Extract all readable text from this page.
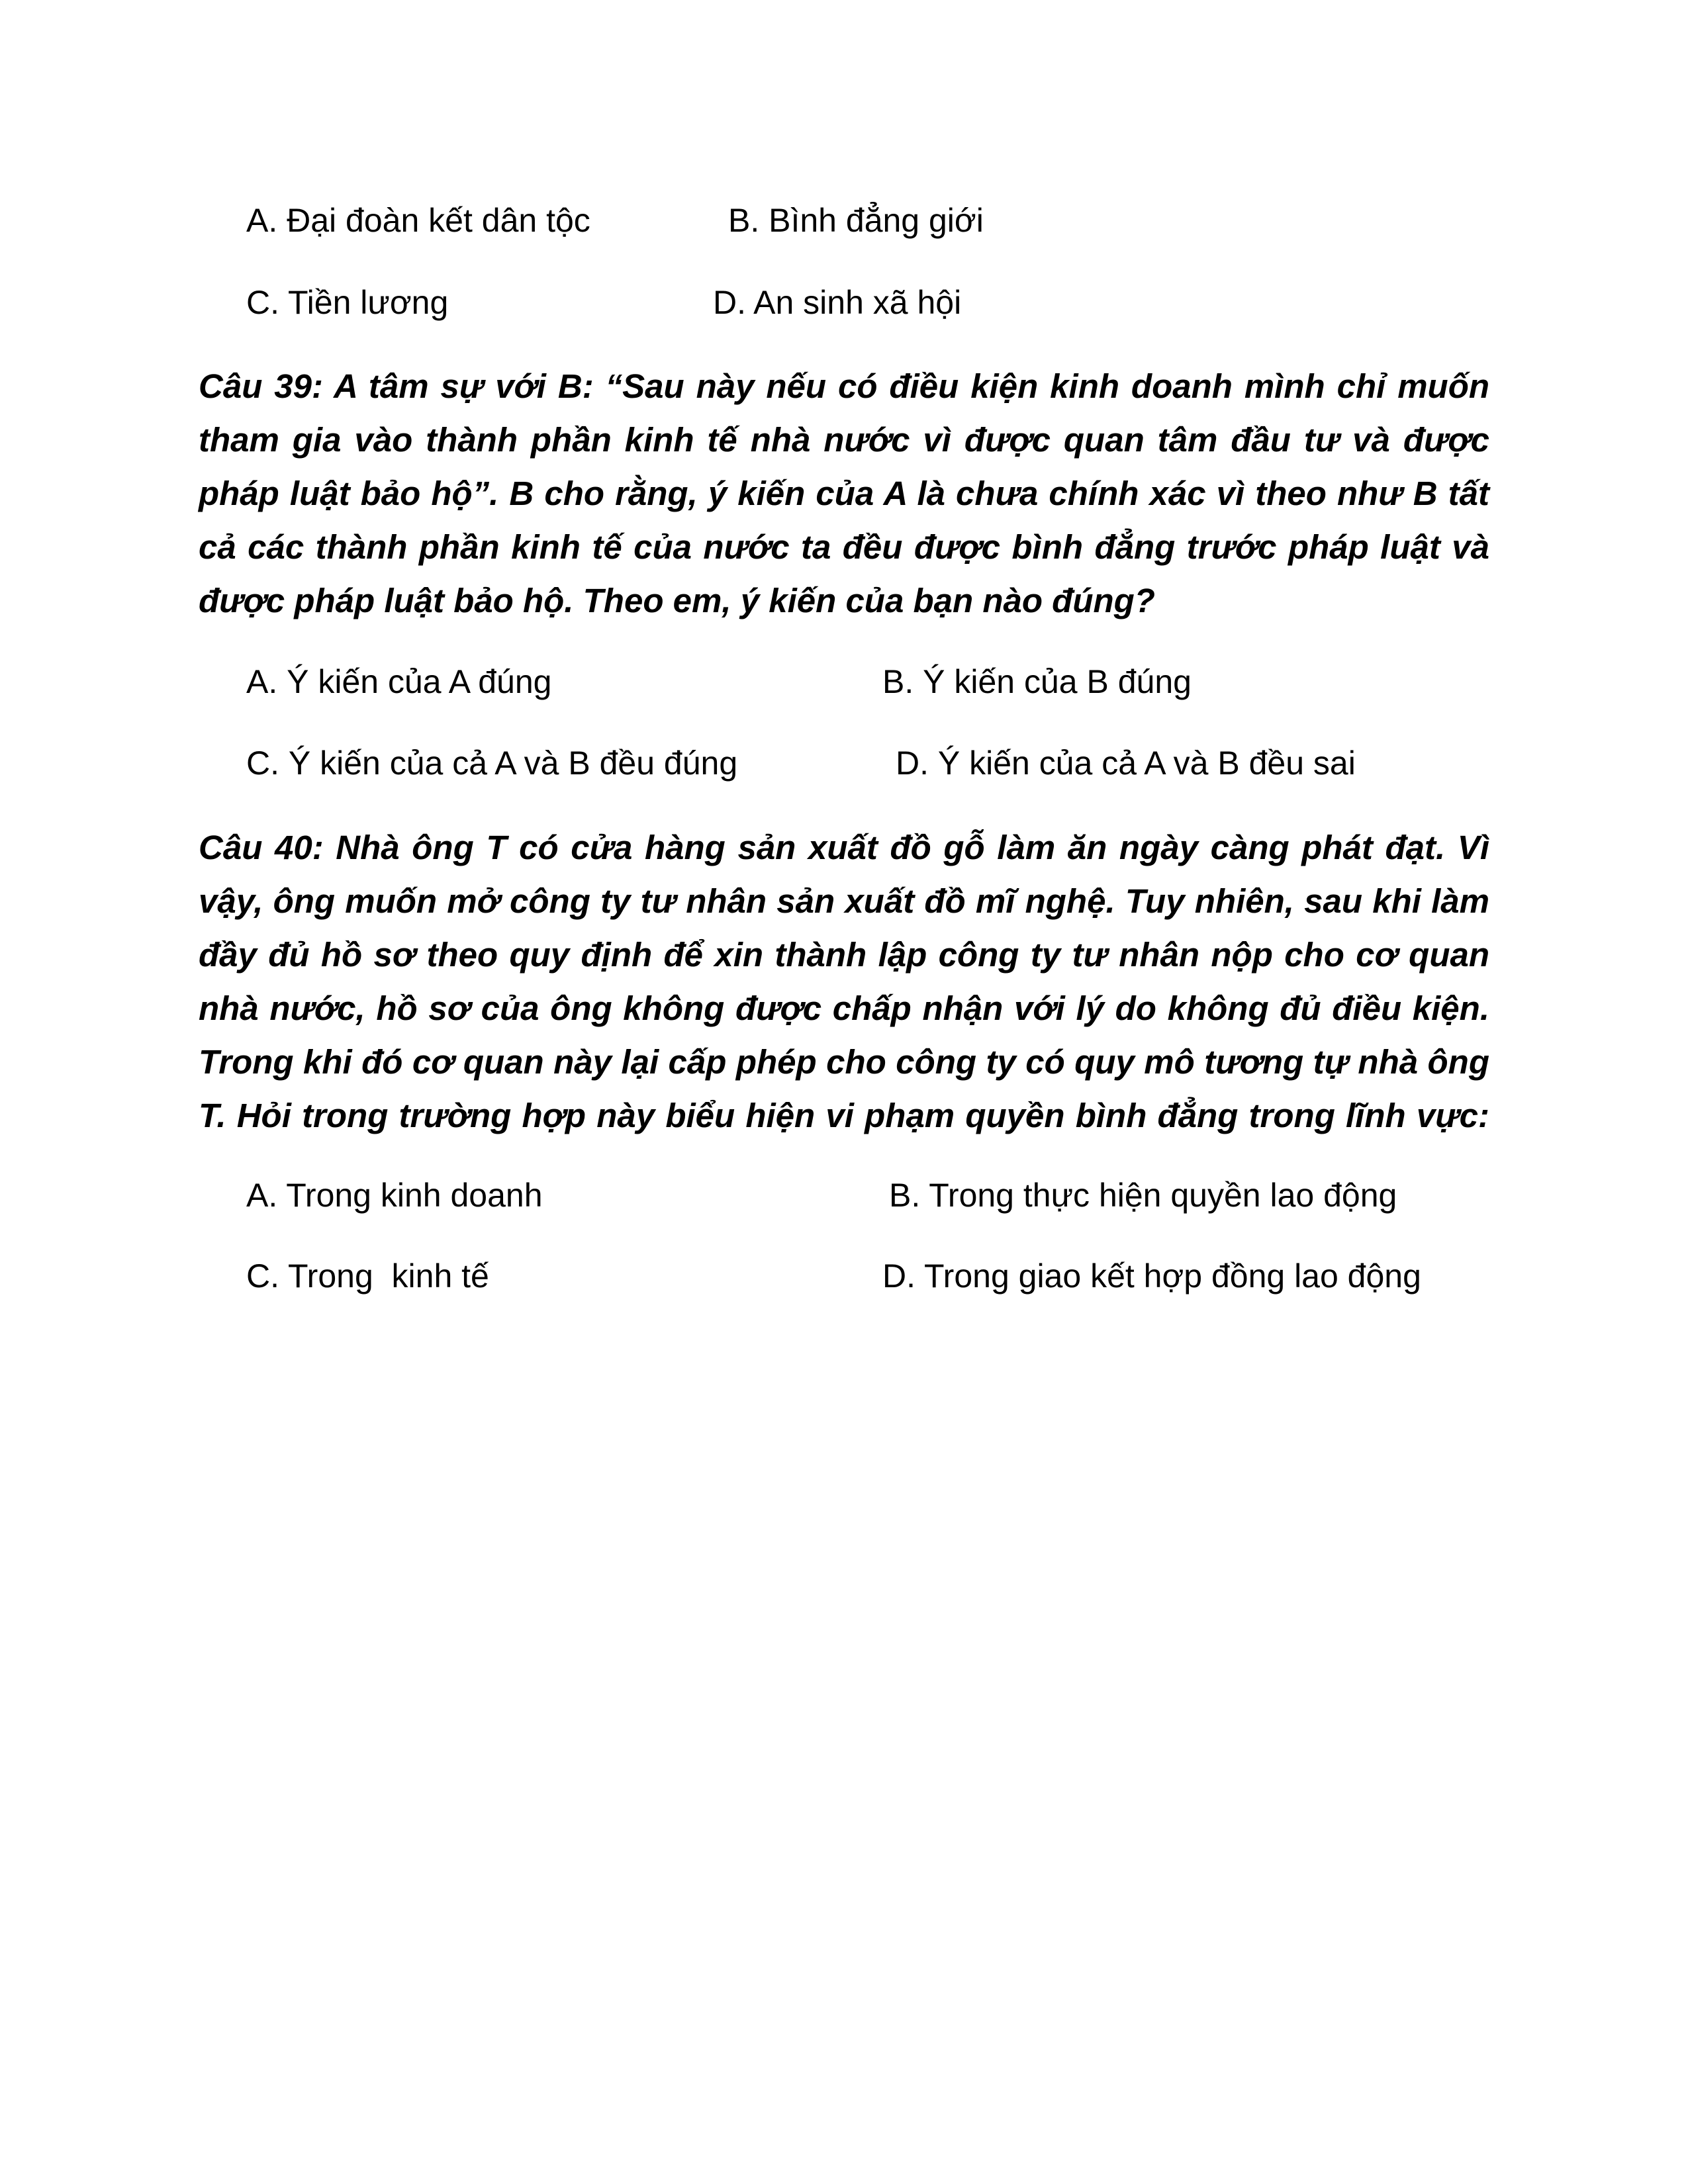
A. Đại đoàn kết dân tộc	B. Bình đẳng giới
C. Tiền lương	D. An sinh xã hội
Câu 39: A tâm sự với B: “Sau này nếu có điều kiện kinh doanh mình chỉ muốn
tham gia vào thành phần kinh tế nhà nước vì được quan tâm đầu tư và được
pháp luật bảo hộ”. B cho rằng, ý kiến của A là chưa chính xác vì theo như B tất
cả các thành phần kinh tế của nước ta đều được bình đẳng trước pháp luật và
được pháp luật bảo hộ. Theo em, ý kiến của bạn nào đúng?
A. Ý kiến của A đúng	B. Ý kiến của B đúng
C. Ý kiến của cả A và B đều đúng	D. Ý kiến của cả A và B đều sai
Câu 40: Nhà ông T có cửa hàng sản xuất đồ gỗ làm ăn ngày càng phát đạt. Vì
vậy, ông muốn mở công ty tư nhân sản xuất đồ mĩ nghệ. Tuy nhiên, sau khi làm
đầy đủ hồ sơ theo quy định để xin thành lập công ty tư nhân nộp cho cơ quan
nhà nước, hồ sơ của ông không được chấp nhận với lý do không đủ điều kiện.
Trong khi đó cơ quan này lại cấp phép cho công ty có quy mô tương tự nhà ông
T. Hỏi trong trường hợp này biểu hiện vi phạm quyền bình đẳng trong lĩnh vực:
A. Trong kinh doanh	B. Trong thực hiện quyền lao động
C. Trong  kinh tế	D. Trong giao kết hợp đồng lao động
